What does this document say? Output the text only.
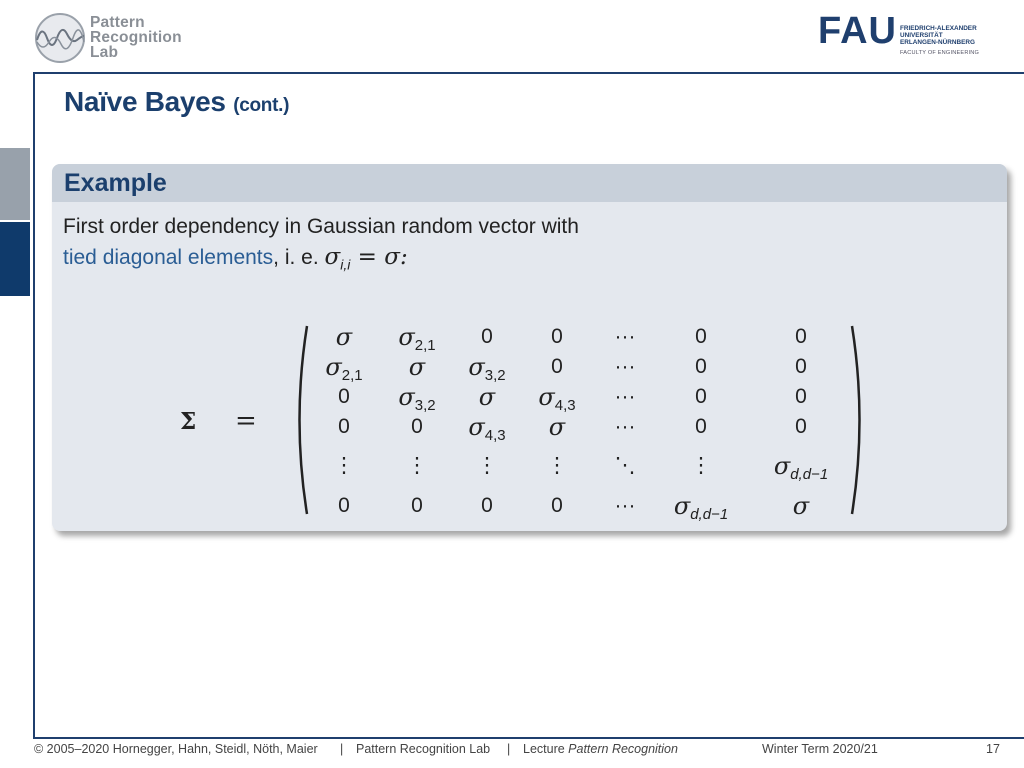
Pattern
Recognition
Lab
FAU FRIEDRICH-ALEXANDER
UNIVERSITÄT
ERLANGEN-NÜRNBERG
FACULTY OF ENGINEERING
Naïve Bayes (cont.)
Example
First order dependency in Gaussian random vector with
tied diagonal elements, i. e. $\sigma_{i,i} = \sigma$:
Σ =
σ	$\sigma_{2,1}$	0	0	···	0	0
$\sigma_{2,1}$	σ	$\sigma_{3,2}$	0	···	0	0
0	$\sigma_{3,2}$	σ	$\sigma_{4,3}$	···	0	0
0	0	$\sigma_{4,3}$	σ	···	0	0
⋮	⋮	⋮	⋮	⋱	⋮	$\sigma_{d,d-1}$
0	0	0	0	···	$\sigma_{d,d-1}$	σ
© 2005–2020 Hornegger, Hahn, Steidl, Nöth, Maier | Pattern Recognition Lab | Lecture Pattern Recognition	Winter Term 2020/21	17
